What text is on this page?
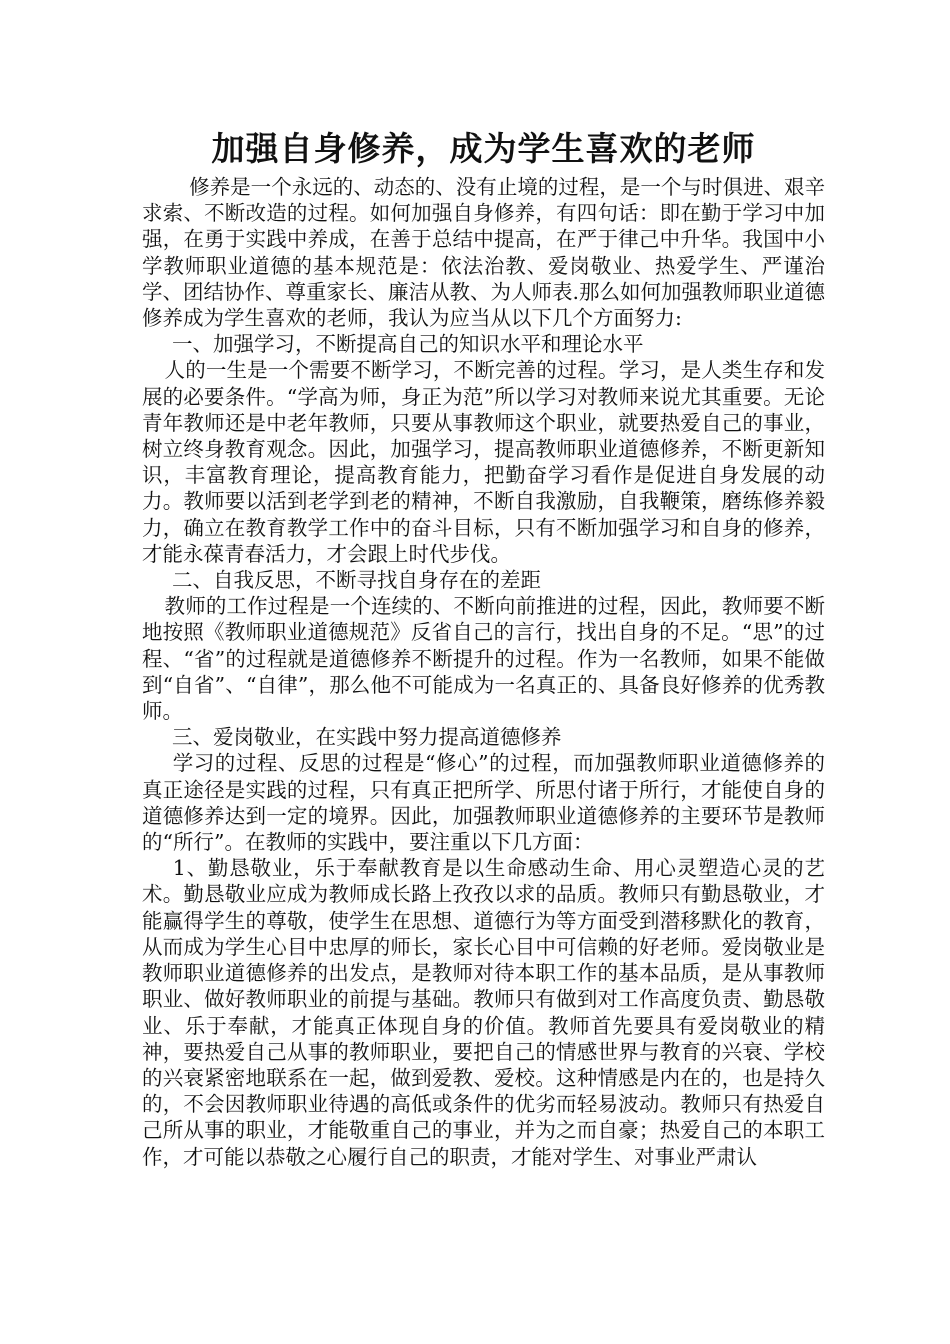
加强自身修养，成为学生喜欢的老师

修养是一个永远的、动态的、没有止境的过程，是一个与时俱进、艰辛求索、不断改造的过程。如何加强自身修养，有四句话：即在勤于学习中加强，在勇于实践中养成，在善于总结中提高，在严于律己中升华。我国中小学教师职业道德的基本规范是：依法治教、爱岗敬业、热爱学生、严谨治学、团结协作、尊重家长、廉洁从教、为人师表.那么如何加强教师职业道德修养成为学生喜欢的老师，我认为应当从以下几个方面努力:

一、加强学习，不断提高自己的知识水平和理论水平

人的一生是一个需要不断学习，不断完善的过程。学习，是人类生存和发展的必要条件。“学高为师，身正为范”所以学习对教师来说尤其重要。无论青年教师还是中老年教师，只要从事教师这个职业，就要热爱自己的事业，树立终身教育观念。因此，加强学习，提高教师职业道德修养，不断更新知识，丰富教育理论，提高教育能力，把勤奋学习看作是促进自身发展的动力。教师要以活到老学到老的精神，不断自我激励，自我鞭策，磨练修养毅力，确立在教育教学工作中的奋斗目标，只有不断加强学习和自身的修养，才能永葆青春活力，才会跟上时代步伐。

二、自我反思，不断寻找自身存在的差距

教师的工作过程是一个连续的、不断向前推进的过程，因此，教师要不断地按照《教师职业道德规范》反省自己的言行，找出自身的不足。“思”的过程、“省”的过程就是道德修养不断提升的过程。作为一名教师，如果不能做到“自省”、“自律”，那么他不可能成为一名真正的、具备良好修养的优秀教师。

三、爱岗敬业，在实践中努力提高道德修养

学习的过程、反思的过程是“修心”的过程，而加强教师职业道德修养的真正途径是实践的过程，只有真正把所学、所思付诸于所行，才能使自身的道德修养达到一定的境界。因此，加强教师职业道德修养的主要环节是教师的“所行”。在教师的实践中，要注重以下几方面：

1、勤恳敬业，乐于奉献教育是以生命感动生命、用心灵塑造心灵的艺术。勤恳敬业应成为教师成长路上孜孜以求的品质。教师只有勤恳敬业，才能赢得学生的尊敬，使学生在思想、道德行为等方面受到潜移默化的教育，从而成为学生心目中忠厚的师长，家长心目中可信赖的好老师。爱岗敬业是教师职业道德修养的出发点，是教师对待本职工作的基本品质，是从事教师职业、做好教师职业的前提与基础。教师只有做到对工作高度负责、勤恳敬业、乐于奉献，才能真正体现自身的价值。教师首先要具有爱岗敬业的精神，要热爱自己从事的教师职业，要把自己的情感世界与教育的兴衰、学校的兴衰紧密地联系在一起，做到爱教、爱校。这种情感是内在的，也是持久的，不会因教师职业待遇的高低或条件的优劣而轻易波动。教师只有热爱自己所从事的职业，才能敬重自己的事业，并为之而自豪；热爱自己的本职工作，才可能以恭敬之心履行自己的职责，才能对学生、对事业严肃认
